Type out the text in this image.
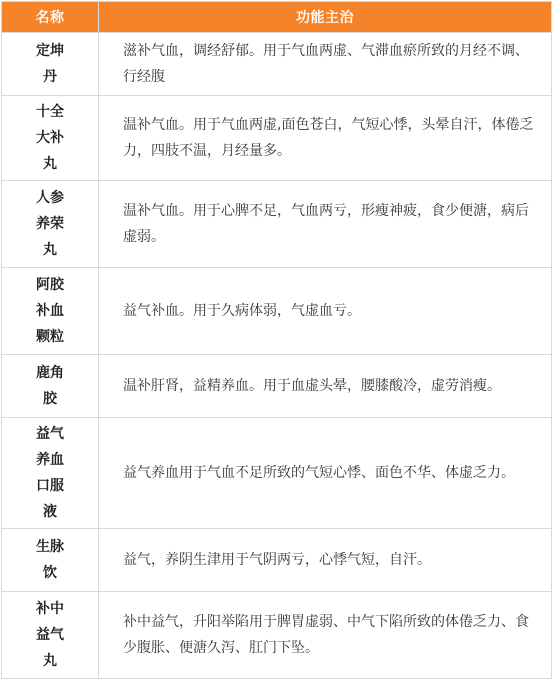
名称	功能主治
定坤丹	滋补气血，调经舒郁。用于气血两虚、气滞血瘀所致的月经不调、行经腹
十全大补丸	温补气血。用于气血两虚,面色苍白，气短心悸，头晕自汗，体倦乏力，四肢不温，月经量多。
人参养荣丸	温补气血。用于心脾不足，气血两亏，形瘦神疲，食少便溏，病后虚弱。
阿胶补血颗粒	益气补血。用于久病体弱，气虚血亏。
鹿角胶	温补肝肾，益精养血。用于血虚头晕，腰膝酸冷，虚劳消瘦。
益气养血口服液	益气养血用于气血不足所致的气短心悸、面色不华、体虚乏力。
生脉饮	益气，养阴生津用于气阴两亏，心悸气短，自汗。
补中益气丸	补中益气，升阳举陷用于脾胃虚弱、中气下陷所致的体倦乏力、食少腹胀、便溏久泻、肛门下坠。
